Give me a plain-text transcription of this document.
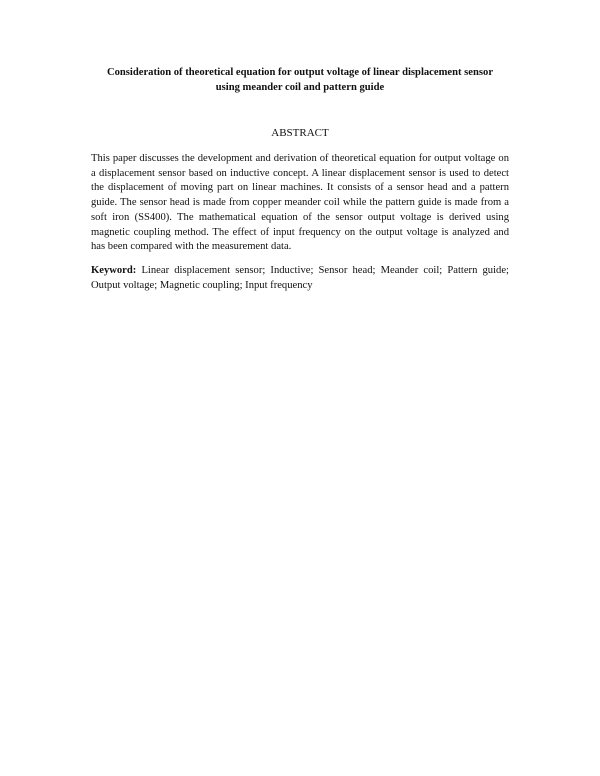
Consideration of theoretical equation for output voltage of linear displacement sensor
using meander coil and pattern guide
ABSTRACT

This paper discusses the development and derivation of theoretical equation for output voltage on a displacement sensor based on inductive concept. A linear displacement sensor is used to detect the displacement of moving part on linear machines. It consists of a sensor head and a pattern guide. The sensor head is made from copper meander coil while the pattern guide is made from a soft iron (SS400). The mathematical equation of the sensor output voltage is derived using magnetic coupling method. The effect of input frequency on the output voltage is analyzed and has been compared with the measurement data.

Keyword: Linear displacement sensor; Inductive; Sensor head; Meander coil; Pattern guide; Output voltage; Magnetic coupling; Input frequency
